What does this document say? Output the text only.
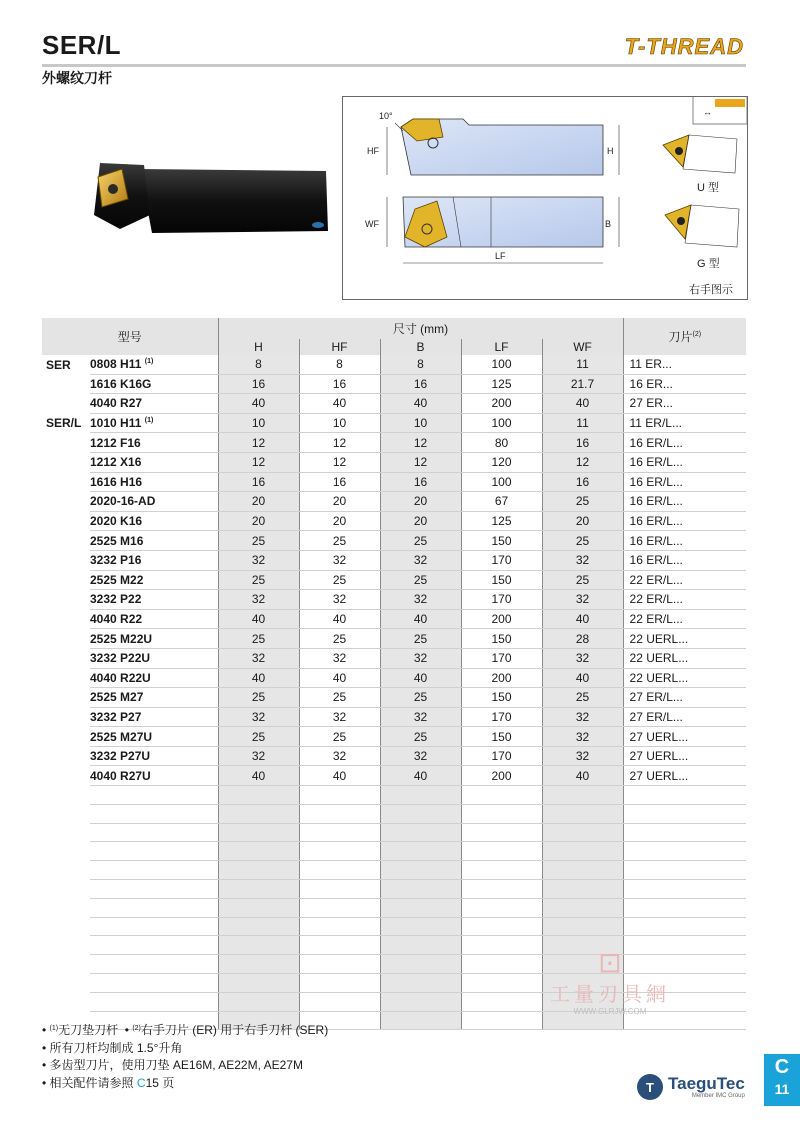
SER/L
外螺纹刀杆
T-THREAD
10°
HF	H
WF	B
LF
U 型
G 型
↔
右手图示
型号		尺寸 (mm)					刀片$^{(2)}$
		H	HF	B	LF	WF	
SER	0808 H11 $^{(1)}$	8	8	8	100	11	11 ER...
	1616 K16G	16	16	16	125	21.7	16 ER...
	4040 R27	40	40	40	200	40	27 ER...
SER/L	1010 H11 $^{(1)}$	10	10	10	100	11	11 ER/L...
	1212 F16	12	12	12	80	16	16 ER/L...
	1212 X16	12	12	12	120	12	16 ER/L...
	1616 H16	16	16	16	100	16	16 ER/L...
	2020-16-AD	20	20	20	67	25	16 ER/L...
	2020 K16	20	20	20	125	20	16 ER/L...
	2525 M16	25	25	25	150	25	16 ER/L...
	3232 P16	32	32	32	170	32	16 ER/L...
	2525 M22	25	25	25	150	25	22 ER/L...
	3232 P22	32	32	32	170	32	22 ER/L...
	4040 R22	40	40	40	200	40	22 ER/L...
	2525 M22U	25	25	25	150	28	22 UERL...
	3232 P22U	32	32	32	170	32	22 UERL...
	4040 R22U	40	40	40	200	40	22 UERL...
	2525 M27	25	25	25	150	25	27 ER/L...
	3232 P27	32	32	32	170	32	27 ER/L...
	2525 M27U	25	25	25	150	32	27 UERL...
	3232 P27U	32	32	32	170	32	27 UERL...
	4040 R27U	40	40	40	200	40	27 UERL...

• $^{(1)}$无刀垫刀杆  • $^{(2)}$右手刀片 (ER) 用于右手刀杆 (SER)
• 所有刀杆均制成 1.5°升角
• 多齿型刀片，使用刀垫 AE16M, AE22M, AE27M
• 相关配件请参照 C15 页
⊡
工量刃具網
WWW.GLRJW.COM
T TaeguTec
Member IMC Group
C
11
